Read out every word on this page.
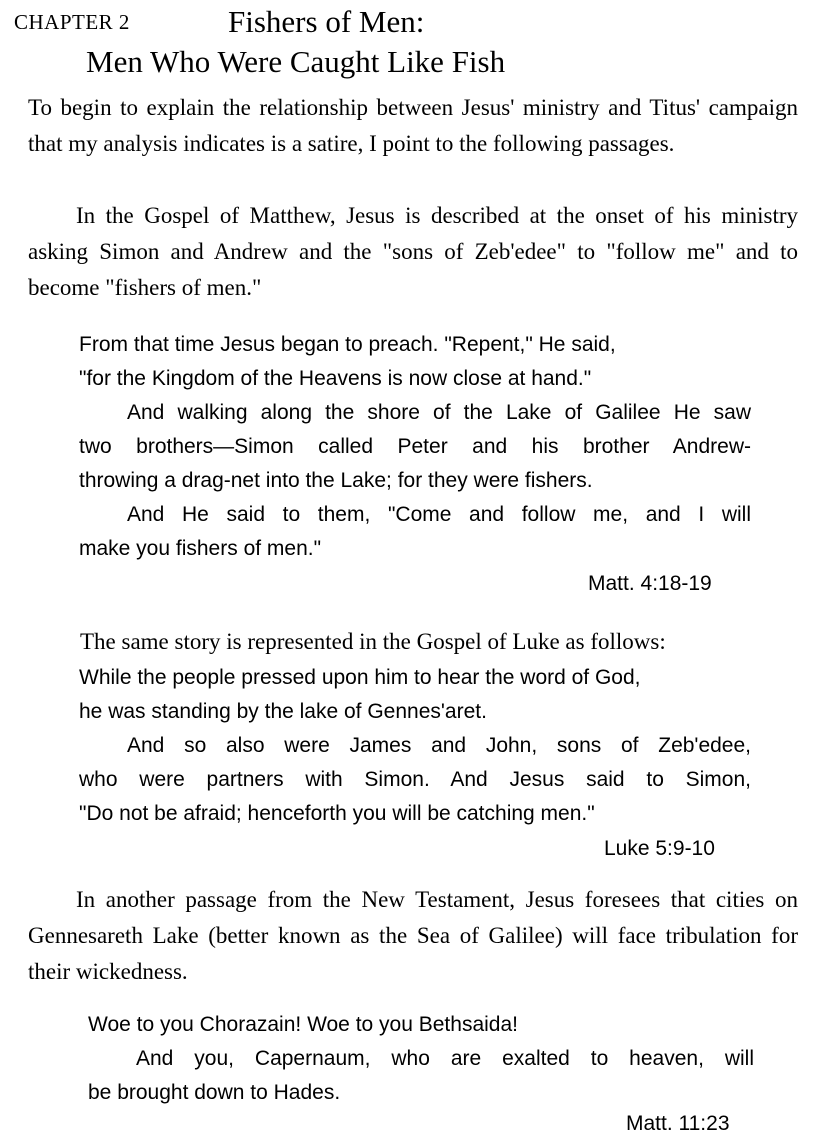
CHAPTER 2	Fishers of Men:
Men Who Were Caught Like Fish

To begin to explain the relationship between Jesus' ministry and Titus' campaign that my analysis indicates is a satire, I point to the following passages.

In the Gospel of Matthew, Jesus is described at the onset of his ministry asking Simon and Andrew and the "sons of Zeb'edee" to "follow me" and to become "fishers of men."

From that time Jesus began to preach. "Repent," He said,
"for the Kingdom of the Heavens is now close at hand."
And walking along the shore of the Lake of Galilee He saw
two brothers—Simon called Peter and his brother Andrew-
throwing a drag-net into the Lake; for they were fishers.
And He said to them, "Come and follow me, and I will
make you fishers of men."
Matt. 4:18-19
The same story is represented in the Gospel of Luke as follows:
While the people pressed upon him to hear the word of God,
he was standing by the lake of Gennes'aret.
And so also were James and John, sons of Zeb'edee,
who were partners with Simon. And Jesus said to Simon,
"Do not be afraid; henceforth you will be catching men."
Luke 5:9-10

In another passage from the New Testament, Jesus foresees that cities on Gennesareth Lake (better known as the Sea of Galilee) will face tribulation for their wickedness.

Woe to you Chorazain! Woe to you Bethsaida!
And you, Capernaum, who are exalted to heaven, will
be brought down to Hades.
Matt. 11:23
